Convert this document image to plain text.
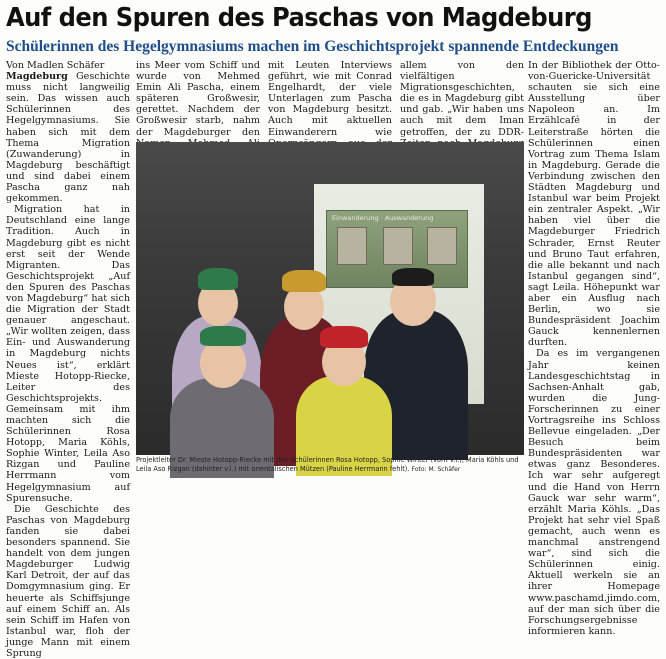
Auf den Spuren des Paschas von Magdeburg
Schülerinnen des Hegelgymnasiums machen im Geschichtsprojekt spannende Entdeckungen

Von Madlen Schäfer
Magdeburg Geschichte muss nicht langweilig sein. Das wissen auch Schülerinnen des Hegelgymnasiums. Sie haben sich mit dem Thema Migration (Zuwanderung) in Magdeburg beschäftigt und sind dabei einem Pascha ganz nah gekommen.

Migration hat in Deutschland eine lange Tradition. Auch in Magdeburg gibt es nicht erst seit der Wende Migranten. Das Geschichtsprojekt „Auf den Spuren des Paschas von Magdeburg“ hat sich die Migration der Stadt genauer angeschaut. „Wir wollten zeigen, dass Ein- und Auswanderung in Magdeburg nichts Neues ist“, erklärt Mieste Hotopp-Riecke, Leiter des Geschichtsprojekts. Gemeinsam mit ihm machten sich die Schülerinnen Rosa Hotopp, Maria Köhls, Sophie Winter, Leila Aso Rizgan und Pauline Herrmann vom Hegelgymnasium auf Spurensuche.

Die Geschichte des Paschas von Magdeburg fanden sie dabei besonders spannend. Sie handelt von dem jungen Magdeburger Ludwig Karl Detroit, der auf das Domgymnasium ging. Er heuerte als Schiffsjunge auf einem Schiff an. Als sein Schiff im Hafen von Istanbul war, floh der junge Mann mit einem Sprung

ins Meer vom Schiff und wurde von Mehmed Emin Ali Pascha, einem späteren Großwesir, gerettet. Nachdem der Großwesir starb, nahm der Magdeburger den

mit Leuten Interviews geführt, wie mit Conrad Engelhardt, der viele Unterlagen zum Pascha von Magdeburg besitzt. Auch mit aktuellen Einwanderern wie

allem von den vielfältigen Migrationsgeschichten, die es in Magdeburg gibt und gab. „Wir haben uns auch mit dem Iman getroffen, der zu DDR-

In der Bibliothek der Otto-von-Guericke-Universität schauten sie sich eine Ausstellung über Napoleon an. Im Erzählcafé in der Leiterstraße hörten die Schülerinnen einen Vortrag zum Thema Islam in Magdeburg. Gerade die Verbindung zwischen den Städten Magdeburg und Istanbul war beim Projekt ein zentraler Aspekt. „Wir haben viel über die Magdeburger Friedrich Schrader, Ernst Reuter und Bruno Taut erfahren, die alle bekannt und nach Istanbul gegangen sind“, sagt Leila. Höhepunkt war aber ein Ausflug nach Berlin, wo sie Bundespräsident Joachim Gauck kennenlernen durften.

Da es im vergangenen Jahr keinen Landesgeschichtstag in Sachsen-Anhalt gab, wurden die Jung-Forscherinnen zu einer Vortragsreihe ins Schloss Bellevue eingeladen. „Der Besuch beim Bundespräsidenten war etwas ganz Besonderes. Ich war sehr aufgeregt und die Hand von Herrn Gauck war sehr warm“, erzählt Maria Köhls. „Das Projekt hat sehr viel Spaß gemacht, auch wenn es manchmal anstrengend war“, sind sich die Schülerinnen einig. Aktuell werkeln sie an ihrer Homepage www.paschamd.jimdo.com, auf der man sich über die Forschungsergebnisse informieren kann.

Einwanderung · Auswanderung
Projektleiter Dr. Mieste Hotopp-Riecke mit den Schülerinnen Rosa Hotopp, Sophie Winter (vorn v.l.), Maria Köhls und Leila Aso Rizgan (dahinter v.l.) mit orientalischen Mützen (Pauline Herrmann fehlt). Foto: M. Schäfer
